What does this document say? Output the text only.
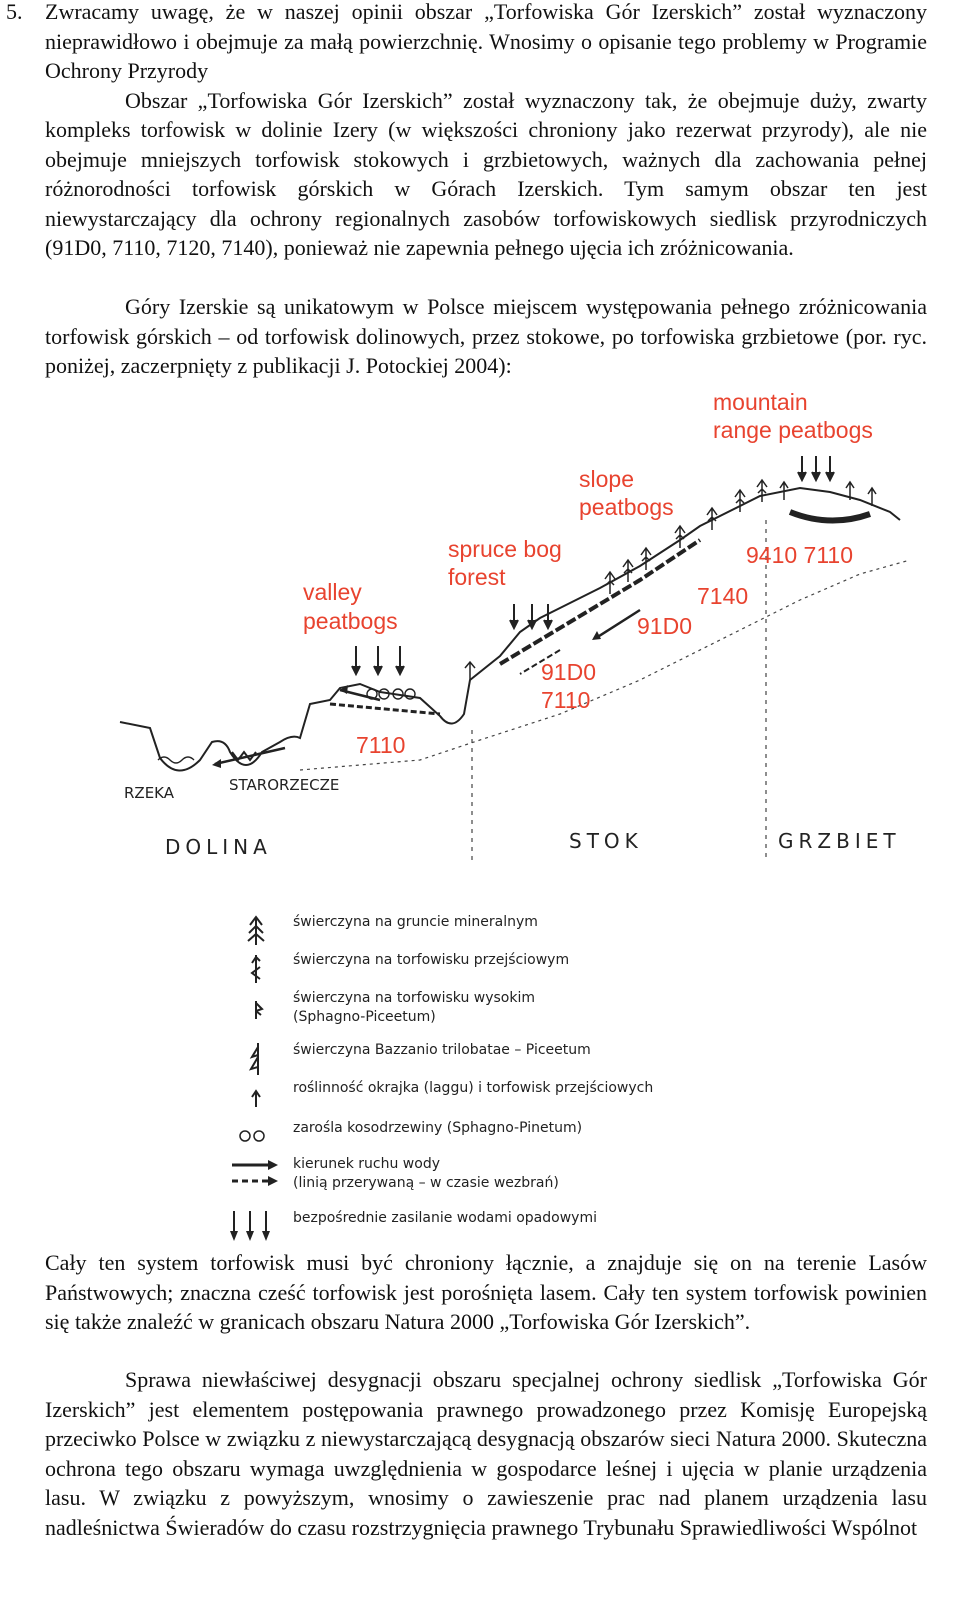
5. Zwracamy uwagę, że w naszej opinii obszar „Torfowiska Gór Izerskich” został wyznaczony nieprawidłowo i obejmuje za małą powierzchnię. Wnosimy o opisanie tego problemy w Programie Ochrony Przyrody

Obszar „Torfowiska Gór Izerskich” został wyznaczony tak, że obejmuje duży, zwarty kompleks torfowisk w dolinie Izery (w większości chroniony jako rezerwat przyrody), ale nie obejmuje mniejszych torfowisk stokowych i grzbietowych, ważnych dla zachowania pełnej różnorodności torfowisk górskich w Górach Izerskich. Tym samym obszar ten jest niewystarczający dla ochrony regionalnych zasobów torfowiskowych siedlisk przyrodniczych (91D0, 7110, 7120, 7140), ponieważ nie zapewnia pełnego ujęcia ich zróżnicowania.

Góry Izerskie są unikatowym w Polsce miejscem występowania pełnego zróżnicowania torfowisk górskich – od torfowisk dolinowych, przez stokowe, po torfowiska grzbietowe (por. ryc. poniżej, zaczerpnięty z publikacji J. Potockiej 2004):

mountain
range peatbogs
slope
peatbogs
spruce bog
forest
valley
peatbogs
9410 7110
7140
91D0
91D0
7110
7110
RZEKA	STARORZECZE
DOLINA	STOK	GRZBIET
świerczyna na gruncie mineralnym
świerczyna na torfowisku przejściowym
świerczyna na torfowisku wysokim
(Sphagno-Piceetum)
świerczyna Bazzanio trilobatae – Piceetum
roślinność okrajka (laggu) i torfowisk przejściowych
zarośla kosodrzewiny (Sphagno-Pinetum)
kierunek ruchu wody
(linią przerywaną – w czasie wezbrań)
bezpośrednie zasilanie wodami opadowymi

Cały ten system torfowisk musi być chroniony łącznie, a znajduje się on na terenie Lasów Państwowych; znaczna cześć torfowisk jest porośnięta lasem. Cały ten system torfowisk powinien się także znaleźć w granicach obszaru Natura 2000 „Torfowiska Gór Izerskich”.

Sprawa niewłaściwej desygnacji obszaru specjalnej ochrony siedlisk „Torfowiska Gór Izerskich” jest elementem postępowania prawnego prowadzonego przez Komisję Europejską przeciwko Polsce w związku z niewystarczającą desygnacją obszarów sieci Natura 2000. Skuteczna ochrona tego obszaru wymaga uwzględnienia w gospodarce leśnej i ujęcia w planie urządzenia lasu. W związku z powyższym, wnosimy o zawieszenie prac nad planem urządzenia lasu nadleśnictwa Świeradów do czasu rozstrzygnięcia prawnego Trybunału Sprawiedliwości Wspólnot
